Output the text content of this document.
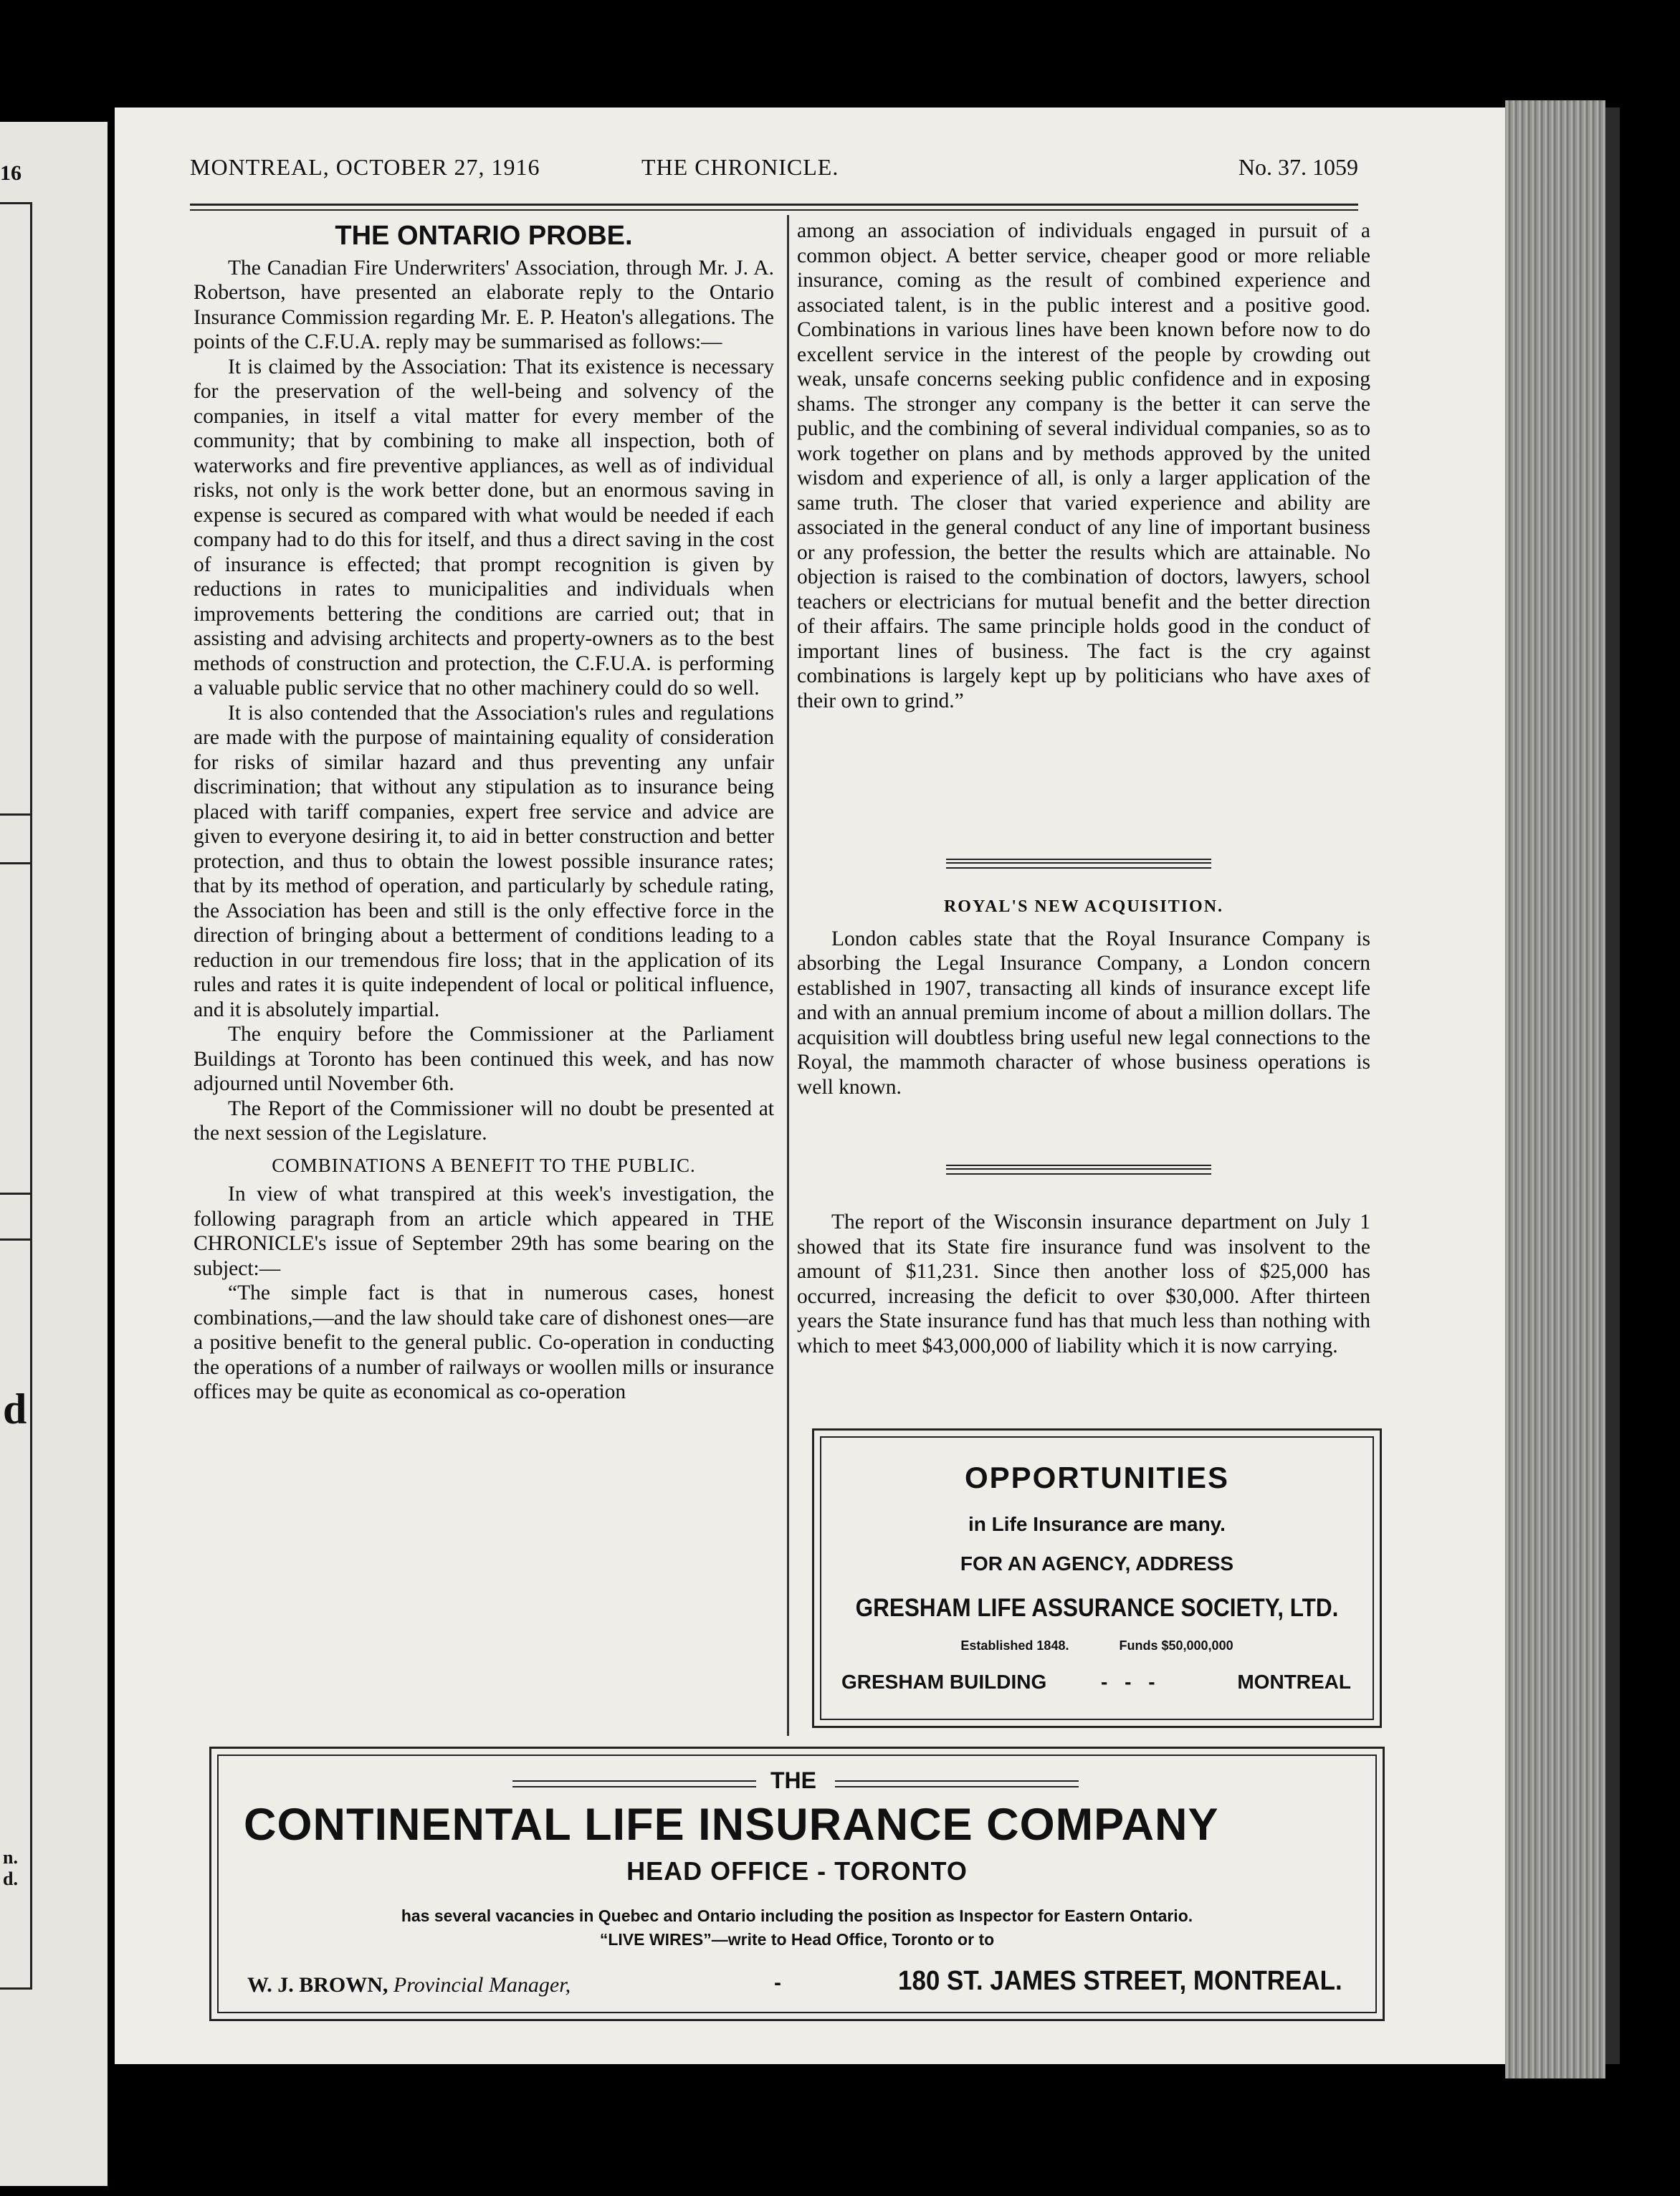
16
d
n.
d.
MONTREAL, OCTOBER 27, 1916	THE CHRONICLE.	No. 37. 1059
THE ONTARIO PROBE.

The Canadian Fire Underwriters' Association, through Mr. J. A. Robertson, have presented an elaborate reply to the Ontario Insurance Commission regarding Mr. E. P. Heaton's allegations. The points of the C.F.U.A. reply may be summarised as follows:—

It is claimed by the Association: That its existence is necessary for the preservation of the well-being and solvency of the companies, in itself a vital matter for every member of the community; that by combining to make all inspection, both of waterworks and fire preventive appliances, as well as of individual risks, not only is the work better done, but an enormous saving in expense is secured as compared with what would be needed if each company had to do this for itself, and thus a direct saving in the cost of insurance is effected; that prompt recognition is given by reductions in rates to municipalities and individuals when improvements bettering the conditions are carried out; that in assisting and advising architects and property-owners as to the best methods of construction and protection, the C.F.U.A. is performing a valuable public service that no other machinery could do so well.

It is also contended that the Association's rules and regulations are made with the purpose of maintaining equality of consideration for risks of similar hazard and thus preventing any unfair discrimination; that without any stipulation as to insurance being placed with tariff companies, expert free service and advice are given to everyone desiring it, to aid in better construction and better protection, and thus to obtain the lowest possible insurance rates; that by its method of operation, and particularly by schedule rating, the Association has been and still is the only effective force in the direction of bringing about a betterment of conditions leading to a reduction in our tremendous fire loss; that in the application of its rules and rates it is quite independent of local or political influence, and it is absolutely impartial.

The enquiry before the Commissioner at the Parliament Buildings at Toronto has been continued this week, and has now adjourned until November 6th.

The Report of the Commissioner will no doubt be presented at the next session of the Legislature.

COMBINATIONS A BENEFIT TO THE PUBLIC.

In view of what transpired at this week's investigation, the following paragraph from an article which appeared in THE CHRONICLE's issue of September 29th has some bearing on the subject:—

“The simple fact is that in numerous cases, honest combinations,—and the law should take care of dishonest ones—are a positive benefit to the general public. Co-operation in conducting the operations of a number of railways or woollen mills or insurance offices may be quite as economical as co-operation

among an association of individuals engaged in pursuit of a common object. A better service, cheaper good or more reliable insurance, coming as the result of combined experience and associated talent, is in the public interest and a positive good. Combinations in various lines have been known before now to do excellent service in the interest of the people by crowding out weak, unsafe concerns seeking public confidence and in exposing shams. The stronger any company is the better it can serve the public, and the combining of several individual companies, so as to work together on plans and by methods approved by the united wisdom and experience of all, is only a larger application of the same truth. The closer that varied experience and ability are associated in the general conduct of any line of important business or any profession, the better the results which are attainable. No objection is raised to the combination of doctors, lawyers, school teachers or electricians for mutual benefit and the better direction of their affairs. The same principle holds good in the conduct of important lines of business. The fact is the cry against combinations is largely kept up by politicians who have axes of their own to grind.”

ROYAL'S NEW ACQUISITION.

London cables state that the Royal Insurance Company is absorbing the Legal Insurance Company, a London concern established in 1907, transacting all kinds of insurance except life and with an annual premium income of about a million dollars. The acquisition will doubtless bring useful new legal connections to the Royal, the mammoth character of whose business operations is well known.

The report of the Wisconsin insurance department on July 1 showed that its State fire insurance fund was insolvent to the amount of $11,231. Since then another loss of $25,000 has occurred, increasing the deficit to over $30,000. After thirteen years the State insurance fund has that much less than nothing with which to meet $43,000,000 of liability which it is now carrying.

OPPORTUNITIES
in Life Insurance are many.
FOR AN AGENCY, ADDRESS
GRESHAM LIFE ASSURANCE SOCIETY, LTD.
Established 1848.	Funds $50,000,000
GRESHAM BUILDING	- - -	MONTREAL
THE
CONTINENTAL LIFE INSURANCE COMPANY
HEAD OFFICE - TORONTO
has several vacancies in Quebec and Ontario including the position as Inspector for Eastern Ontario.
“LIVE WIRES”—write to Head Office, Toronto or to
W. J. BROWN, Provincial Manager,	-	180 ST. JAMES STREET, MONTREAL.
